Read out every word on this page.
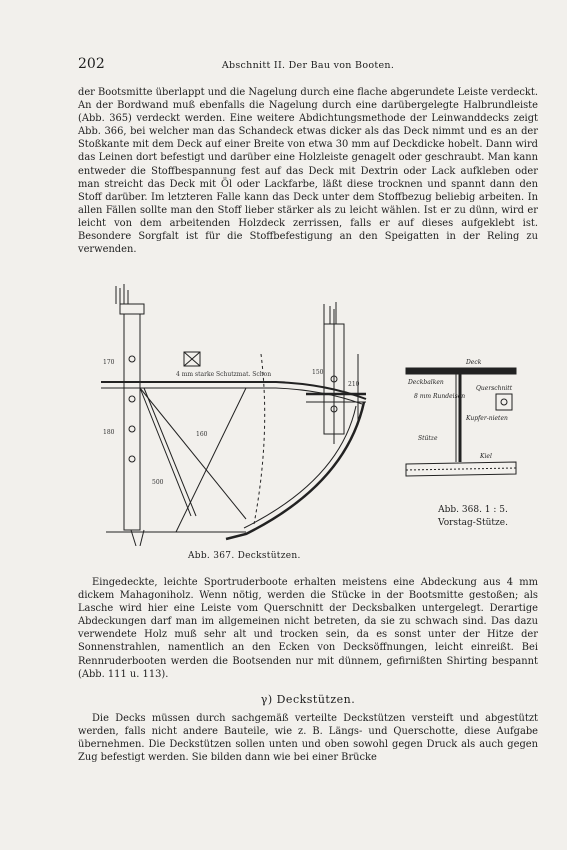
202	Abschnitt II. Der Bau von Booten.
der Bootsmitte überlappt und die Nagelung durch eine flache abgerundete Leiste verdeckt. An der Bordwand muß ebenfalls die Nagelung durch eine darübergelegte Halbrundleiste (Abb. 365) verdeckt werden. Eine weitere Abdichtungsmethode der Leinwanddecks zeigt Abb. 366, bei welcher man das Schandeck etwas dicker als das Deck nimmt und es an der Stoßkante mit dem Deck auf einer Breite von etwa 30 mm auf Deckdicke hobelt. Dann wird das Leinen dort befestigt und darüber eine Holzleiste genagelt oder geschraubt. Man kann entweder die Stoffbespannung fest auf das Deck mit Dextrin oder Lack aufkleben oder man streicht das Deck mit Öl oder Lackfarbe, läßt diese trocknen und spannt dann den Stoff darüber. Im letzteren Falle kann das Deck unter dem Stoffbezug beliebig arbeiten. In allen Fällen sollte man den Stoff lieber stärker als zu leicht wählen. Ist er zu dünn, wird er leicht von dem arbeitenden Holzdeck zerrissen, falls er auf dieses aufgeklebt ist. Besondere Sorgfalt ist für die Stoffbefestigung an den Speigatten in der Reling zu verwenden.
170
180
500
160
150
210
4 mm starke Schutzmat. Schon
Deck
Deckbalken
Querschnitt
8 mm Rundeisen
Kupfer-nieten
Stütze
Kiel
Abb. 368. 1 : 5.
Vorstag-Stütze.
Abb. 367. Deckstützen.
Eingedeckte, leichte Sportruderboote erhalten meistens eine Abdeckung aus 4 mm dickem Mahagoniholz. Wenn nötig, werden die Stücke in der Bootsmitte gestoßen; als Lasche wird hier eine Leiste vom Querschnitt der Decksbalken untergelegt. Derartige Abdeckungen darf man im allgemeinen nicht betreten, da sie zu schwach sind. Das dazu verwendete Holz muß sehr alt und trocken sein, da es sonst unter der Hitze der Sonnenstrahlen, namentlich an den Ecken von Decksöffnungen, leicht einreißt. Bei Rennruderbooten werden die Bootsenden nur mit dünnem, gefirnißten Shirting bespannt (Abb. 111 u. 113).
γ) Deckstützen.
Die Decks müssen durch sachgemäß verteilte Deckstützen versteift und abgestützt werden, falls nicht andere Bauteile, wie z. B. Längs- und Querschotte, diese Aufgabe übernehmen. Die Deckstützen sollen unten und oben sowohl gegen Druck als auch gegen Zug befestigt werden. Sie bilden dann wie bei einer Brücke
